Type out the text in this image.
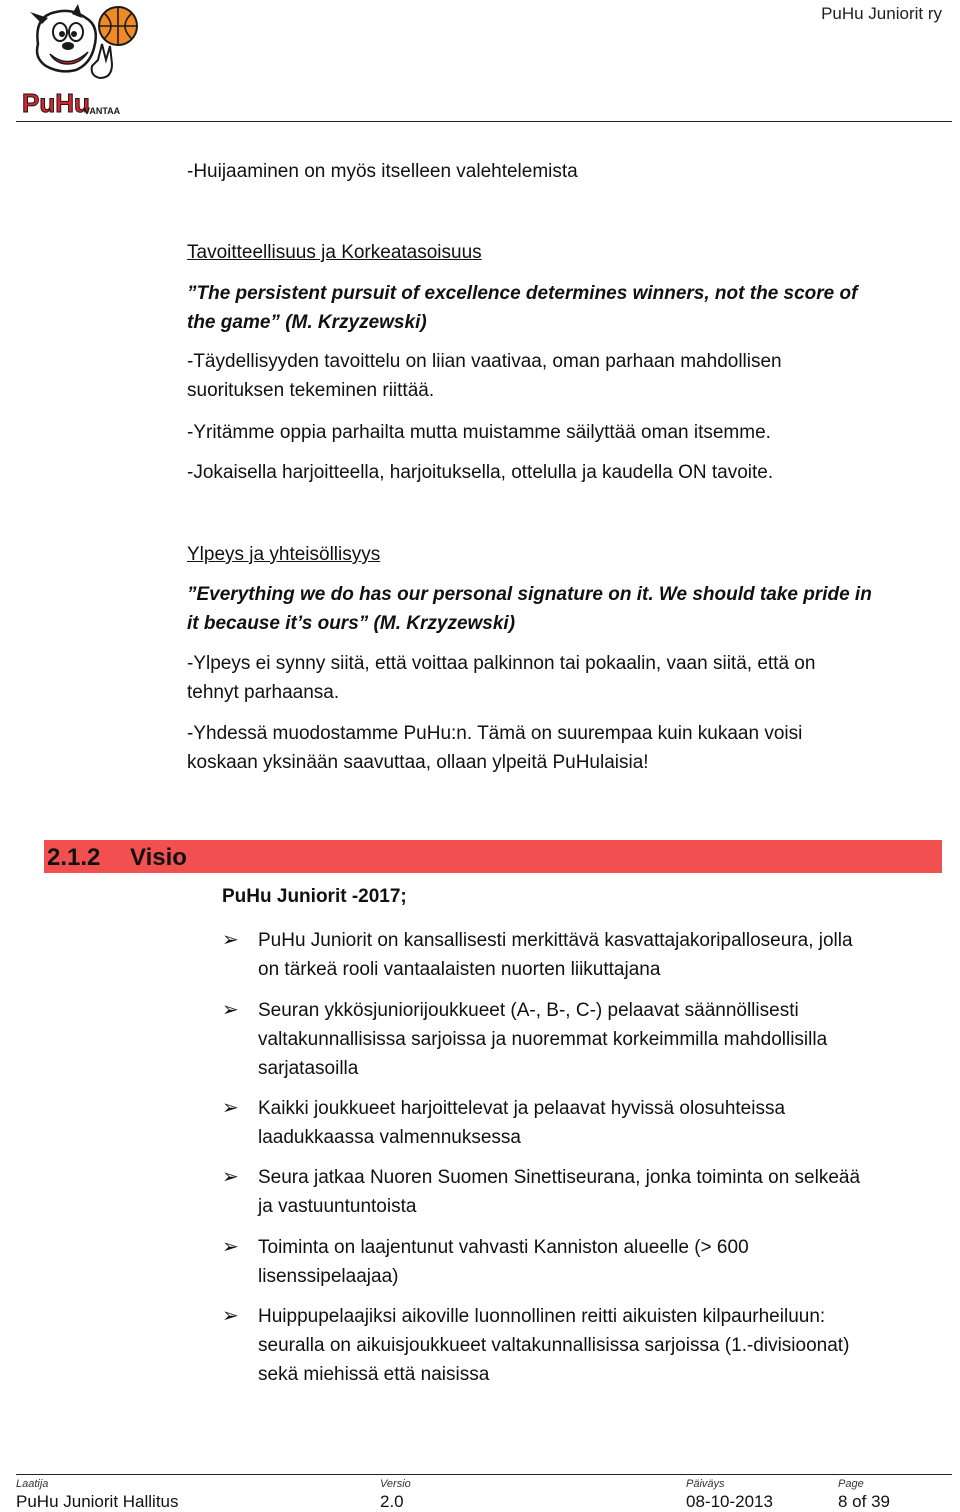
PuHu
VANTAA
PuHu Juniorit ry
-Huijaaminen on myös itselleen valehtelemista
Tavoitteellisuus ja Korkeatasoisuus
”The persistent pursuit of excellence determines winners, not the score of
the game” (M. Krzyzewski)
-Täydellisyyden tavoittelu on liian vaativaa, oman parhaan mahdollisen
suorituksen tekeminen riittää.
-Yritämme oppia parhailta mutta muistamme säilyttää oman itsemme.
-Jokaisella harjoitteella, harjoituksella, ottelulla ja kaudella ON tavoite.
Ylpeys ja yhteisöllisyys
”Everything we do has our personal signature on it. We should take pride in
it because it’s ours” (M. Krzyzewski)
-Ylpeys ei synny siitä, että voittaa palkinnon tai pokaalin, vaan siitä, että on
tehnyt parhaansa.
-Yhdessä muodostamme PuHu:n. Tämä on suurempaa kuin kukaan voisi
koskaan yksinään saavuttaa, ollaan ylpeitä PuHulaisia!
2.1.2 Visio
PuHu Juniorit -2017;
➢	PuHu Juniorit on kansallisesti merkittävä kasvattajakoripalloseura, jolla
on tärkeä rooli vantaalaisten nuorten liikuttajana
➢	Seuran ykkösjuniorijoukkueet (A-, B-, C-) pelaavat säännöllisesti
valtakunnallisissa sarjoissa ja nuoremmat korkeimmilla mahdollisilla
sarjatasoilla
➢	Kaikki joukkueet harjoittelevat ja pelaavat hyvissä olosuhteissa
laadukkaassa valmennuksessa
➢	Seura jatkaa Nuoren Suomen Sinettiseurana, jonka toiminta on selkeää
ja vastuuntuntoista
➢	Toiminta on laajentunut vahvasti Kanniston alueelle (> 600
lisenssipelaajaa)
➢	Huippupelaajiksi aikoville luonnollinen reitti aikuisten kilpaurheiluun:
seuralla on aikuisjoukkueet valtakunnallisissa sarjoissa (1.-divisioonat)
sekä miehissä että naisissa
Laatija	Versio	Päiväys	Page
PuHu Juniorit Hallitus	2.0	08-10-2013	8 of 39
